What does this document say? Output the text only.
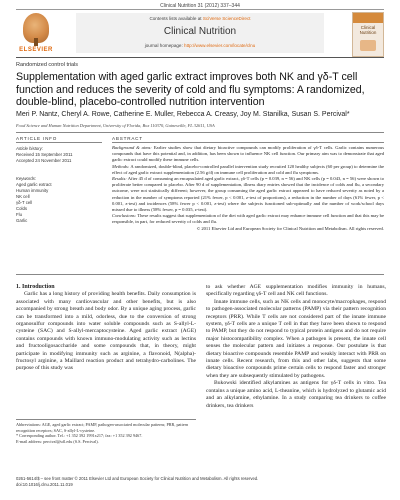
Clinical Nutrition 31 (2012) 337–344
ELSEVIER
Contents lists available at SciVerse ScienceDirect
Clinical Nutrition
journal homepage: http://www.elsevier.com/locate/clnu
Clinical Nutrition
Randomized control trials
Supplementation with aged garlic extract improves both NK and γδ-T cell function and reduces the severity of cold and flu symptoms: A randomized, double-blind, placebo-controlled nutrition intervention
Meri P. Nantz, Cheryl A. Rowe, Catherine E. Muller, Rebecca A. Creasy, Joy M. Stanilka, Susan S. Percival*
Food Science and Human Nutrition Department, University of Florida, Box 110370, Gainesville, FL 32611, USA
ARTICLE INFO	ABSTRACT
Article history:
Received 15 September 2011
Accepted 24 November 2011
Keywords:
Aged garlic extract
Human immunity
NK cell
γδ-T cell
Colds
Flu
Garlic

Background & aims: Earlier studies show that dietary bioactive compounds can modify proliferation of γδ-T cells. Garlic contains numerous compounds that have this potential and, in addition, has been shown to influence NK cell function. Our primary aim was to demonstrate that aged garlic extract could modify these immune cells.

Methods: A randomized, double-blind, placebo-controlled parallel intervention study recruited 120 healthy subjects (60 per group) to determine the effect of aged garlic extract supplementation (2.56 g/d) on immune cell proliferation and cold and flu symptoms.

Results: After 45 d of consuming an encapsulated aged garlic extract, γδ-T cells (p = 0.039, n = 56) and NK cells (p = 0.043, n = 56) were shown to proliferate better compared to placebo. After 90 d of supplementation, illness diary entries showed that the incidence of colds and flu, a secondary outcome, were not statistically different; however, the group consuming the aged garlic extract appeared to have reduced severity as noted by a reduction in the number of symptoms reported (21% fewer, p < 0.001, z-test of proportions), a reduction in the number of days (61% fewer, p < 0.001, z-test) and incidences (58% fewer p < 0.001, z-test) where the subjects functioned sub-optimally and the number of work/school days missed due to illness (58% fewer, p = 0.035, z-test).

Conclusions: These results suggest that supplementation of the diet with aged garlic extract may enhance immune cell function and that this may be responsible, in part, for reduced severity of colds and flu.

© 2011 Elsevier Ltd and European Society for Clinical Nutrition and Metabolism. All rights reserved.

1. Introduction

Garlic has a long history of providing health benefits. Daily consumption is associated with many cardiovascular and other benefits, but is also accompanied by strong breath and body odor. By a unique aging process, garlic can be transformed into a mild, odorless, due to the conversion of strong organosulfur compounds into water soluble compounds such as S-allyl-L-cysteine (SAC) and S-allyl-mercaptocysteine. Aged garlic extract (AGE) contains compounds with known immuno-modulating activity such as lectins and fructooligosaccharide and some compounds that, in theory, might participate in modifying immunity such as arginine, a flavonoid, N(alpha)-fructosyl arginine, a Maillard reaction product and tetrahydro-carbolines. The purpose of this study was

to ask whether AGE supplementation modifies immunity in humans, specifically regarding γδ-T cell and NK cell functions.

Innate immune cells, such as NK cells and monocyte/macrophages, respond to pathogen-associated molecular patterns (PAMP) via their pattern recognition receptors (PRR). While T cells are not considered part of the innate immune system, γδ-T cells are a unique T cell in that they have been shown to respond to PAMP, but they do not respond to typical protein antigens and do not require major histocompatibility complex. When a pathogen is present, the innate cell senses the molecular pattern and initiates a response. Our postulate is that dietary bioactive compounds resemble PAMP and weakly interact with PRR on innate cells. Recent research, from this and other labs, suggests that some dietary bioactive compounds prime certain cells to respond faster and stronger when they are subsequently stimulated by pathogens.

Bukowski identified alkylamines as antigens for γδ-T cells in vitro. Tea contains a unique amino acid, L-theanine, which is hydrolyzed to glutamic acid and an alkylamine, ethylamine. In a study comparing tea drinkers to coffee drinkers, tea drinkers

Abbreviations: AGE, aged garlic extract; PAMP, pathogen-associated molecular patterns; PRR, pattern recognition receptors; SAC, S-allyl-L-cysteine.

* Corresponding author. Tel.: +1 352 392 1991x217; fax: +1 352 392 9467.

E-mail address: percival@ufl.edu (S.S. Percival).

0261-5614/$ – see front matter © 2011 Elsevier Ltd and European Society for Clinical Nutrition and Metabolism. All rights reserved.
doi:10.1016/j.clnu.2011.11.019
